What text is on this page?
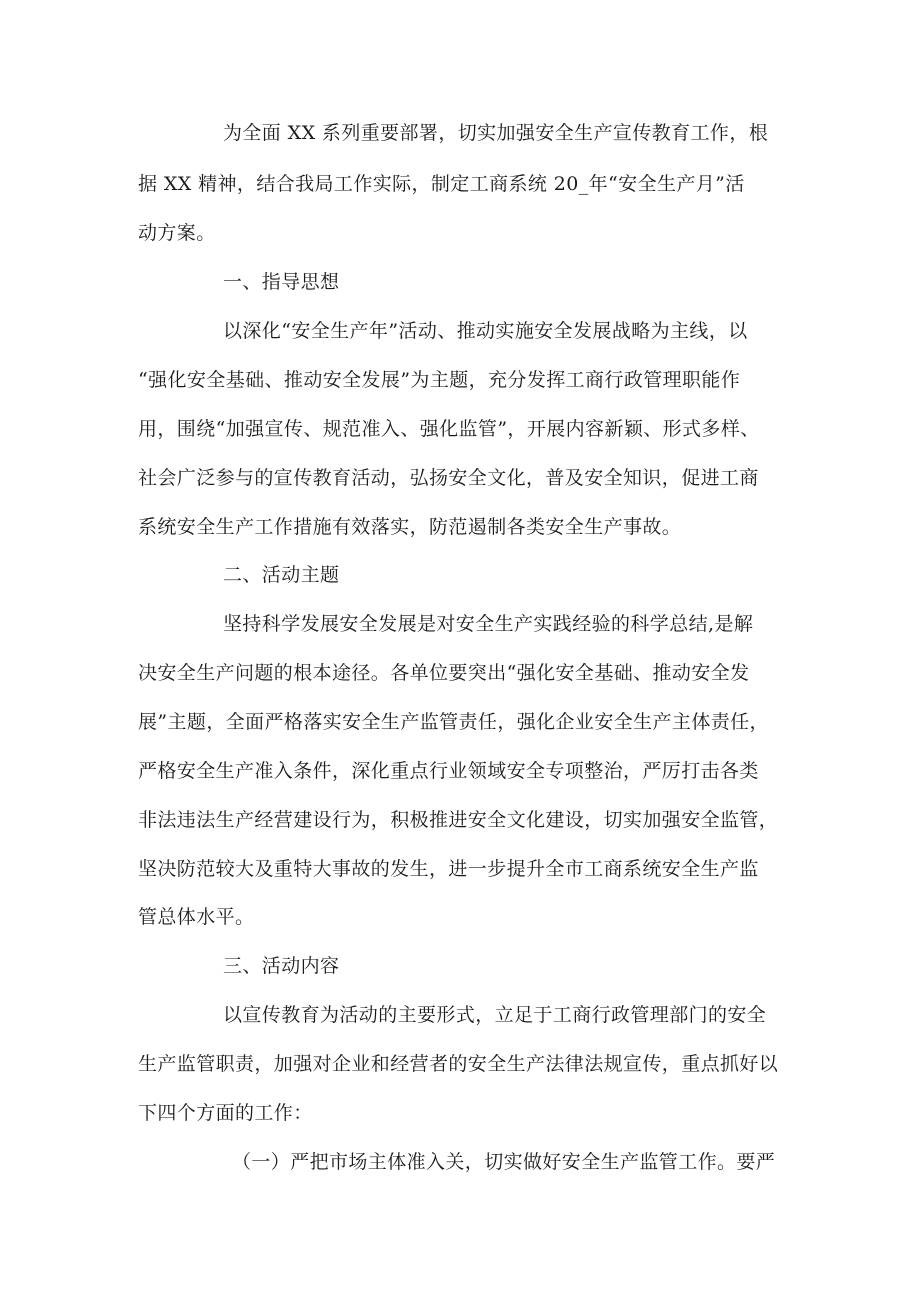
为全面 XX 系列重要部署，切实加强安全生产宣传教育工作，根
据 XX 精神，结合我局工作实际，制定工商系统 20_年“安全生产月”活
动方案。
一、指导思想
以深化“安全生产年”活动、推动实施安全发展战略为主线，以
“强化安全基础、推动安全发展”为主题，充分发挥工商行政管理职能作
用，围绕“加强宣传、规范准入、强化监管”，开展内容新颖、形式多样、
社会广泛参与的宣传教育活动，弘扬安全文化，普及安全知识，促进工商
系统安全生产工作措施有效落实，防范遏制各类安全生产事故。
二、活动主题
坚持科学发展安全发展是对安全生产实践经验的科学总结,是解
决安全生产问题的根本途径。各单位要突出“强化安全基础、推动安全发
展”主题，全面严格落实安全生产监管责任，强化企业安全生产主体责任，
严格安全生产准入条件，深化重点行业领域安全专项整治，严厉打击各类
非法违法生产经营建设行为，积极推进安全文化建设，切实加强安全监管，
坚决防范较大及重特大事故的发生，进一步提升全市工商系统安全生产监
管总体水平。
三、活动内容
以宣传教育为活动的主要形式，立足于工商行政管理部门的安全
生产监管职责，加强对企业和经营者的安全生产法律法规宣传，重点抓好以
下四个方面的工作：
（一）严把市场主体准入关，切实做好安全生产监管工作。要严
